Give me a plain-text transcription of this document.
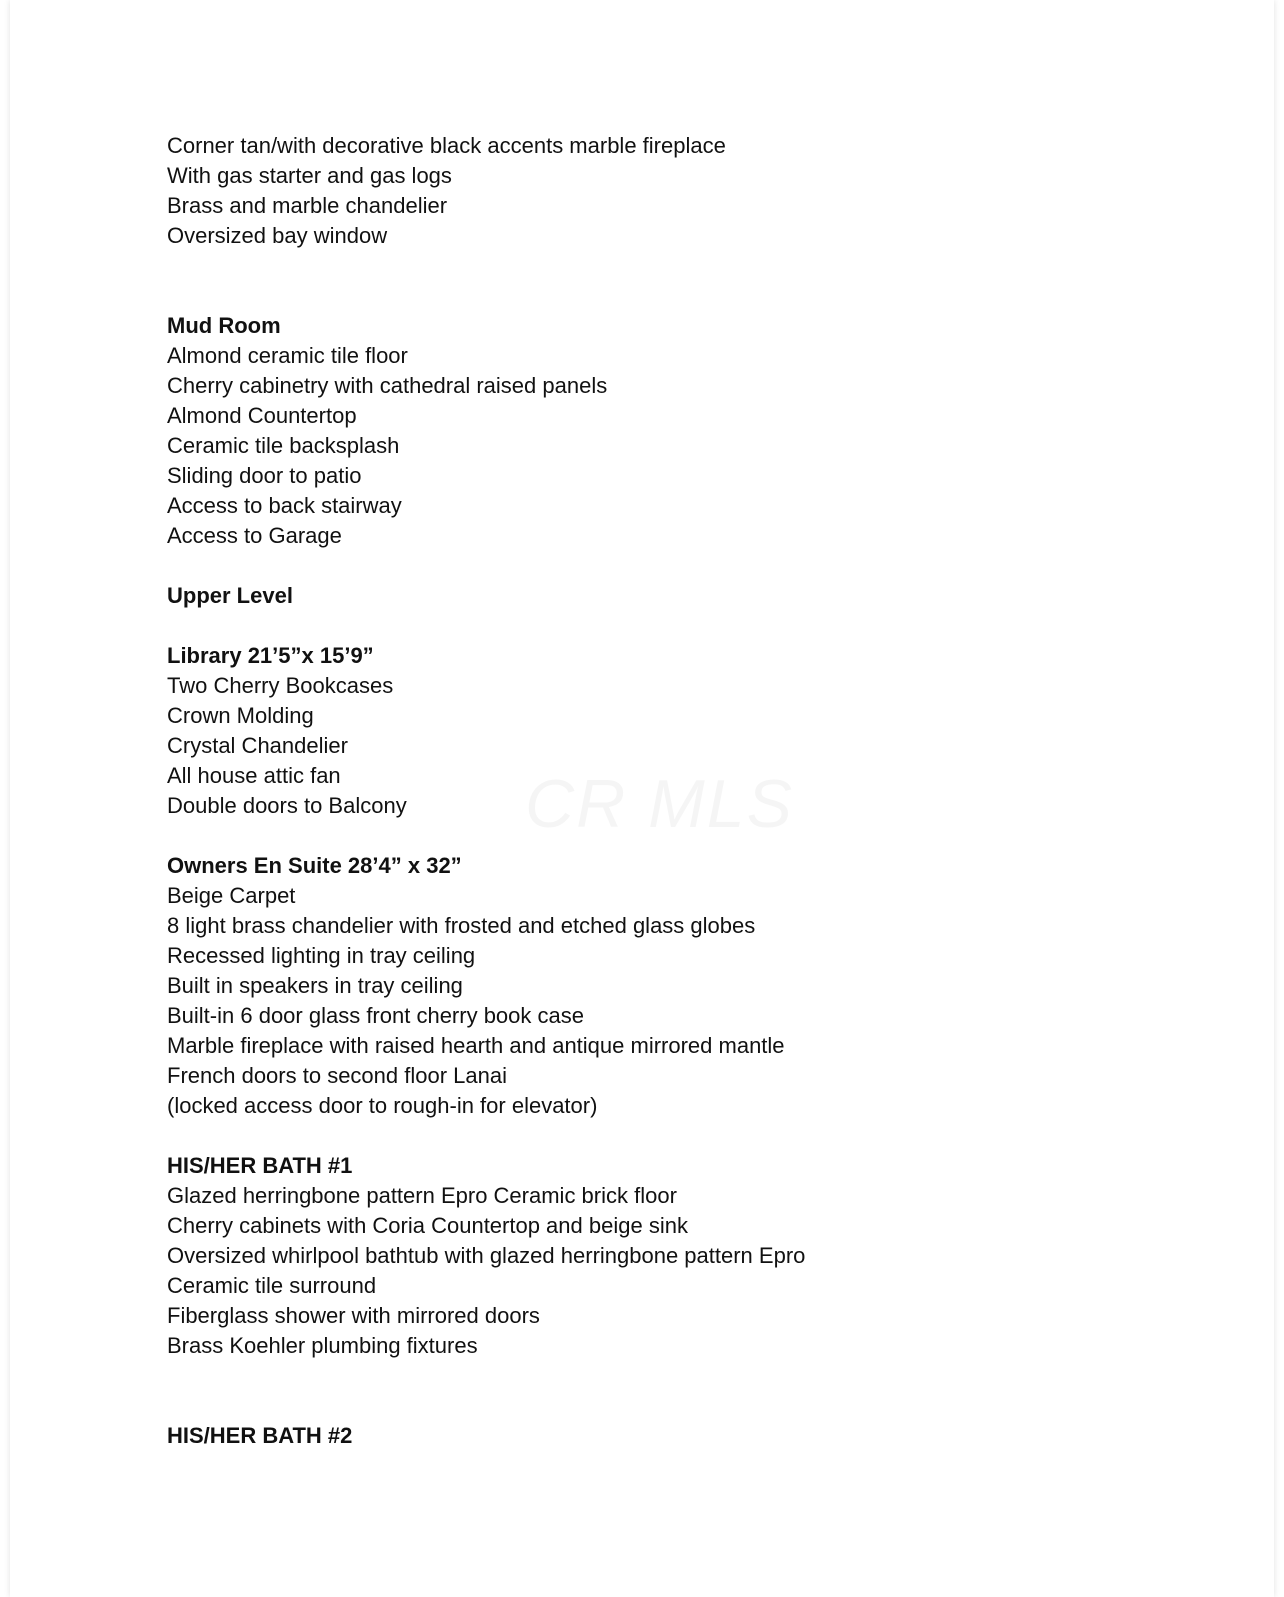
Corner tan/with decorative black accents marble fireplace
With gas starter and gas logs
Brass and marble chandelier
Oversized bay window
Mud Room
Almond ceramic tile floor
Cherry cabinetry with cathedral raised panels
Almond Countertop
Ceramic tile backsplash
Sliding door to patio
Access to back stairway
Access to Garage
Upper Level
Library 21’5”x 15’9”
Two Cherry Bookcases
Crown Molding
Crystal Chandelier
All house attic fan
Double doors to Balcony
Owners En Suite 28’4” x 32”
Beige Carpet
8 light brass chandelier with frosted and etched glass globes
Recessed lighting in tray ceiling
Built in speakers in tray ceiling
Built-in 6 door glass front cherry book case
Marble fireplace with raised hearth and antique mirrored mantle
French doors to second floor Lanai
(locked access door to rough-in for elevator)
HIS/HER BATH #1
Glazed herringbone pattern Epro Ceramic brick floor
Cherry cabinets with Coria Countertop and beige sink
Oversized whirlpool bathtub with glazed herringbone pattern Epro
Ceramic tile surround
Fiberglass shower with mirrored doors
Brass Koehler plumbing fixtures
HIS/HER BATH #2
